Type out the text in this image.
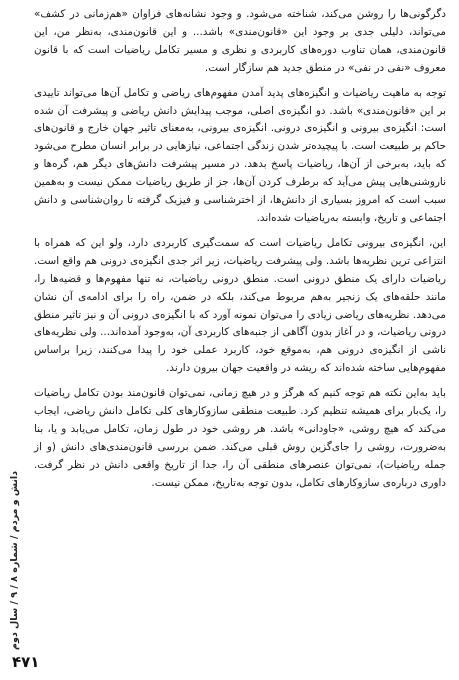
دگرگونی‌ها را روشن می‌کند، شناخته می‌شود. و وجود نشانه‌های فراوان «هم‌زمانی در کشف» می‌تواند، دلیلی جدی بر وجود این «قانون‌مندی» باشد... و این قانون‌مندی، به‌نظر من، این قانون‌مندی، همان تناوب دوره‌های کاربردی و نظری و مسیر تکامل ریاضیات است که با قانون معروف «نفی در نفی» در منطق جدید هم سازگار است.

توجه به ماهیت ریاضیات و انگیزه‌های پدید آمدن مفهوم‌های ریاضی و تکامل آن‌ها می‌تواند تاییدی بر این «قانون‌مندی» باشد. دو انگیزه‌ی اصلی، موجب پیدایش دانش ریاضی و پیشرفت آن شده است: انگیزه‌ی بیرونی و انگیزه‌ی درونی. انگیزه‌ی بیرونی، به‌معنای تاثیر جهان خارج و قانون‌های حاکم بر طبیعت است. با پیچیده‌تر شدن زندگی اجتماعی، نیازهایی در برابر انسان مطرح می‌شود که باید، به‌برخی از آن‌ها، ریاضیات پاسخ بدهد. در مسیر پیشرفت دانش‌های دیگر هم، گره‌ها و ناروشنی‌هایی پیش می‌آید که برطرف کردن آن‌ها، جز از طریق ریاضیات ممکن نیست و به‌همین سبب است که امروز بسیاری از دانش‌ها، از اخترشناسی و فیزیک گرفته تا روان‌شناسی و دانش اجتماعی و تاریخ، وابسته به‌ریاضیات شده‌اند.

این، انگیزه‌ی بیرونی تکامل ریاضیات است که سمت‌گیری کاربردی دارد، ولو این که همراه با انتزاعی ترین نظریه‌ها باشد. ولی پیشرفت ریاضیات، زیر اثر جدی انگیزه‌ی درونی هم واقع است. ریاضیات دارای یک منطق درونی است. منطق درونی ریاضیات، نه تنها مفهوم‌ها و قضیه‌ها را، مانند حلقه‌های یک زنجیر به‌هم مربوط می‌کند، بلکه در ضمن، راه را برای ادامه‌ی آن نشان می‌دهد. نظریه‌های ریاضی زیادی را می‌توان نمونه آورد که با انگیزه‌ی درونی آن و نیز تاثیر منطق درونی ریاضیات، و در آغاز بدون آگاهی از جنبه‌های کاربردی آن، به‌وجود آمده‌اند... ولی نظریه‌های ناشی از انگیزه‌ی درونی هم، به‌موقع خود، کاربرد عملی خود را پیدا می‌کنند، زیرا براساس مفهوم‌هایی ساخته شده‌اند که ریشه در واقعیت جهان بیرون دارند.

باید به‌این نکته هم توجه کنیم که هرگز و در هیچ زمانی، نمی‌توان قانون‌مند بودن تکامل ریاضیات را، یک‌بار برای همیشه تنظیم کرد. طبیعت منطقی سازوکارهای کلی تکامل دانش ریاضی، ایجاب می‌کند که هیچ روشی، «جاودانی» باشد. هر روشی خود در طول زمان، تکامل می‌یابد و یا، بنا به‌ضرورت، روشی را جای‌گزین روش قبلی می‌کند. ضمن بررسی قانون‌مندی‌های دانش (و از جمله ریاضیات)، نمی‌توان عنصرهای منطقی آن را، جدا از تاریخ واقعی دانش در نظر گرفت. داوری درباره‌ی سازوکارهای تکامل، بدون توجه به‌تاریخ، ممکن نیست.

دانش و مردم / شماره ۸ / ۹ / سال دوم
۴۷۱
